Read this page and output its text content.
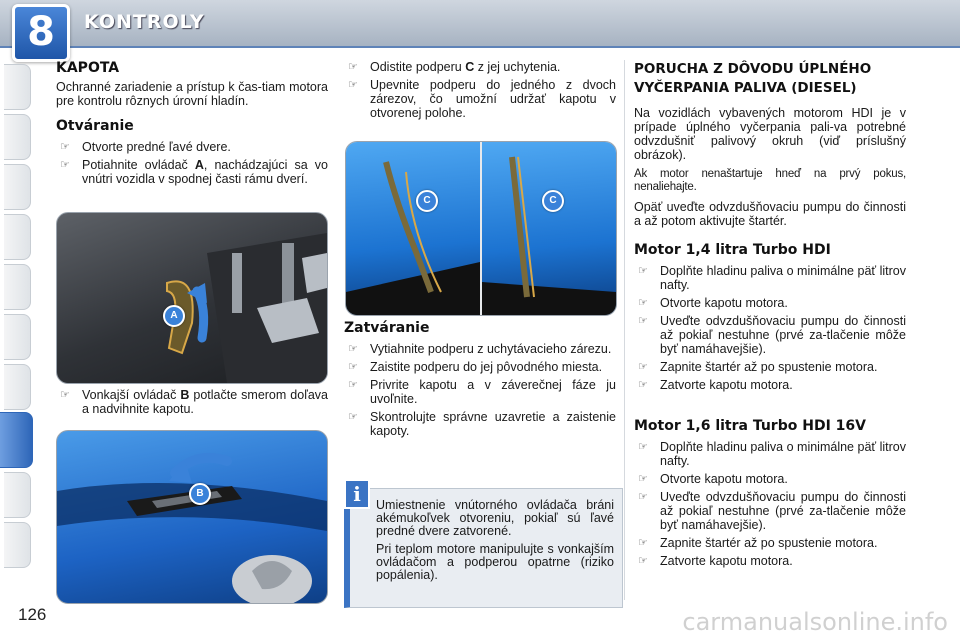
8	KONTROLY
KAPOTA

Ochranné zariadenie a prístup k čas-tiam motora pre kontrolu rôznych úrovní hladín.

Otváranie
☞ Otvorte predné ľavé dvere.
☞ Potiahnite ovládač A, nachádzajúci sa vo vnútri vozidla v spodnej časti rámu dverí.
A
☞ Vonkajší ovládač B potlačte smerom doľava a nadvihnite kapotu.
B
☞ Odistite podperu C z jej uchytenia.
☞ Upevnite podperu do jedného z dvoch zárezov, čo umožní udržať kapotu v otvorenej polohe.
C	C
Zatváranie
☞ Vytiahnite podperu z uchytávacieho zárezu.
☞ Zaistite podperu do jej pôvodného miesta.
☞ Privrite kapotu a v záverečnej fáze ju uvoľnite.
☞ Skontrolujte správne uzavretie a zaistenie kapoty.
i	Umiestnenie vnútorného ovládača bráni akémukoľvek otvoreniu, pokiaľ sú ľavé predné dvere zatvorené.

Pri teplom motore manipulujte s vonkajším ovládačom a podperou opatrne (riziko popálenia).

PORUCHA Z DÔVODU ÚPLNÉHO VYČERPANIA PALIVA (DIESEL)

Na vozidlách vybavených motorom HDI je v prípade úplného vyčerpania pali-va potrebné odvzdušniť palivový okruh (viď príslušný obrázok).

Ak motor nenaštartuje hneď na prvý pokus, nenaliehajte.

Opäť uveďte odvzdušňovaciu pumpu do činnosti a až potom aktivujte štartér.

Motor 1,4 litra Turbo HDI
☞ Doplňte hladinu paliva o minimálne päť litrov nafty.
☞ Otvorte kapotu motora.
☞ Uveďte odvzdušňovaciu pumpu do činnosti až pokiaľ nestuhne (prvé za-tlačenie môže byť namáhavejšie).
☞ Zapnite štartér až po spustenie motora.
☞ Zatvorte kapotu motora.
Motor 1,6 litra Turbo HDI 16V
☞ Doplňte hladinu paliva o minimálne päť litrov nafty.
☞ Otvorte kapotu motora.
☞ Uveďte odvzdušňovaciu pumpu do činnosti až pokiaľ nestuhne (prvé za-tlačenie môže byť namáhavejšie).
☞ Zapnite štartér až po spustenie motora.
☞ Zatvorte kapotu motora.
126	carmanualsonline.info
